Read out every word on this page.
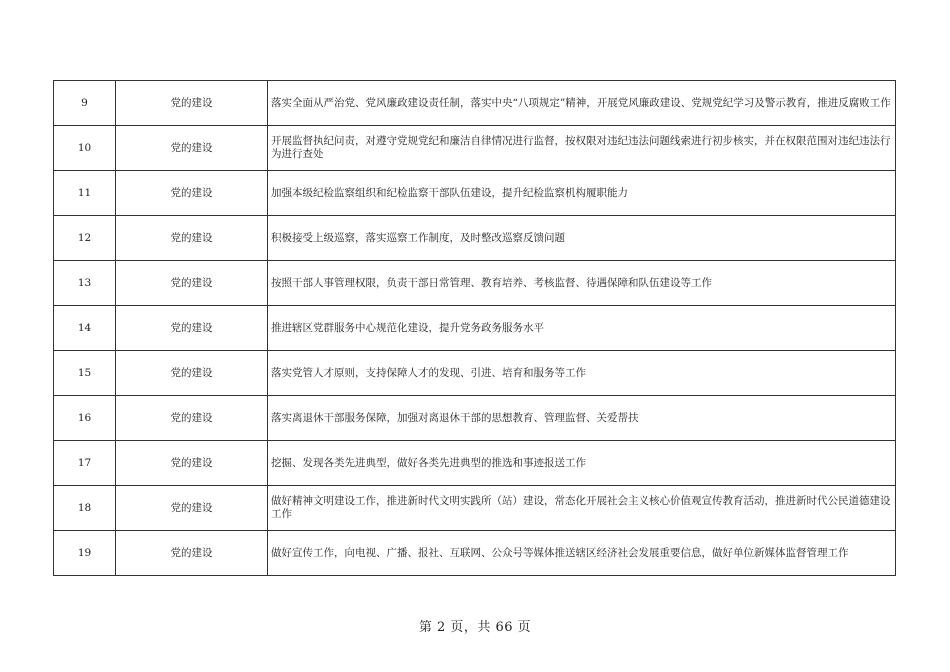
9	党的建设	落实全面从严治党、党风廉政建设责任制，落实中央“八项规定”精神，开展党风廉政建设、党规党纪学习及警示教育，推进反腐败工作
10	党的建设	开展监督执纪问责，对遵守党规党纪和廉洁自律情况进行监督，按权限对违纪违法问题线索进行初步核实，并在权限范围对违纪违法行为进行查处
11	党的建设	加强本级纪检监察组织和纪检监察干部队伍建设，提升纪检监察机构履职能力
12	党的建设	积极接受上级巡察，落实巡察工作制度，及时整改巡察反馈问题
13	党的建设	按照干部人事管理权限，负责干部日常管理、教育培养、考核监督、待遇保障和队伍建设等工作
14	党的建设	推进辖区党群服务中心规范化建设，提升党务政务服务水平
15	党的建设	落实党管人才原则，支持保障人才的发现、引进、培育和服务等工作
16	党的建设	落实离退休干部服务保障，加强对离退休干部的思想教育、管理监督、关爱帮扶
17	党的建设	挖掘、发现各类先进典型，做好各类先进典型的推选和事迹报送工作
18	党的建设	做好精神文明建设工作，推进新时代文明实践所（站）建设，常态化开展社会主义核心价值观宣传教育活动，推进新时代公民道德建设工作
19	党的建设	做好宣传工作，向电视、广播、报社、互联网、公众号等媒体推送辖区经济社会发展重要信息，做好单位新媒体监督管理工作
第 2 页，共 66 页
